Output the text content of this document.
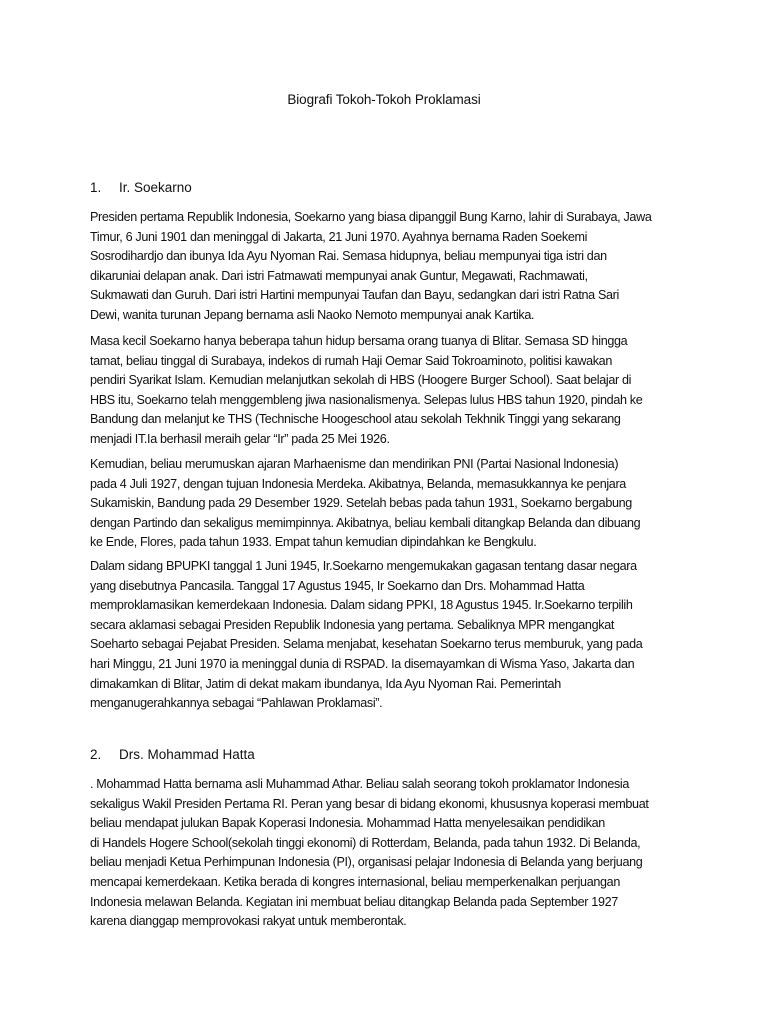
Biografi Tokoh-Tokoh Proklamasi
1. Ir. Soekarno

Presiden pertama Republik Indonesia, Soekarno yang biasa dipanggil Bung Karno, lahir di Surabaya, Jawa
Timur, 6 Juni 1901 dan meninggal di Jakarta, 21 Juni 1970. Ayahnya bernama Raden Soekemi
Sosrodihardjo dan ibunya Ida Ayu Nyoman Rai. Semasa hidupnya, beliau mempunyai tiga istri dan
dikaruniai delapan anak. Dari istri Fatmawati mempunyai anak Guntur, Megawati, Rachmawati,
Sukmawati dan Guruh. Dari istri Hartini mempunyai Taufan dan Bayu, sedangkan dari istri Ratna Sari
Dewi, wanita turunan Jepang bernama asli Naoko Nemoto mempunyai anak Kartika.

Masa kecil Soekarno hanya beberapa tahun hidup bersama orang tuanya di Blitar. Semasa SD hingga
tamat, beliau tinggal di Surabaya, indekos di rumah Haji Oemar Said Tokroaminoto, politisi kawakan
pendiri Syarikat Islam. Kemudian melanjutkan sekolah di HBS (Hoogere Burger School). Saat belajar di
HBS itu, Soekarno telah menggembleng jiwa nasionalismenya. Selepas lulus HBS tahun 1920, pindah ke
Bandung dan melanjut ke THS (Technische Hoogeschool atau sekolah Tekhnik Tinggi yang sekarang
menjadi IT.Ia berhasil meraih gelar “Ir” pada 25 Mei 1926.

Kemudian, beliau merumuskan ajaran Marhaenisme dan mendirikan PNI (Partai Nasional lndonesia)
pada 4 Juli 1927, dengan tujuan Indonesia Merdeka. Akibatnya, Belanda, memasukkannya ke penjara
Sukamiskin, Bandung pada 29 Desember 1929. Setelah bebas pada tahun 1931, Soekarno bergabung
dengan Partindo dan sekaligus memimpinnya. Akibatnya, beliau kembali ditangkap Belanda dan dibuang
ke Ende, Flores, pada tahun 1933. Empat tahun kemudian dipindahkan ke Bengkulu.

Dalam sidang BPUPKI tanggal 1 Juni 1945, Ir.Soekarno mengemukakan gagasan tentang dasar negara
yang disebutnya Pancasila. Tanggal 17 Agustus 1945, Ir Soekarno dan Drs. Mohammad Hatta
memproklamasikan kemerdekaan Indonesia. Dalam sidang PPKI, 18 Agustus 1945. Ir.Soekarno terpilih
secara aklamasi sebagai Presiden Republik Indonesia yang pertama. Sebaliknya MPR mengangkat
Soeharto sebagai Pejabat Presiden. Selama menjabat, kesehatan Soekarno terus memburuk, yang pada
hari Minggu, 21 Juni 1970 ia meninggal dunia di RSPAD. Ia disemayamkan di Wisma Yaso, Jakarta dan
dimakamkan di Blitar, Jatim di dekat makam ibundanya, Ida Ayu Nyoman Rai. Pemerintah
menganugerahkannya sebagai “Pahlawan Proklamasi”.

2. Drs. Mohammad Hatta

. Mohammad Hatta bernama asli Muhammad Athar. Beliau salah seorang tokoh proklamator Indonesia
sekaligus Wakil Presiden Pertama RI. Peran yang besar di bidang ekonomi, khususnya koperasi membuat
beliau mendapat julukan Bapak Koperasi Indonesia. Mohammad Hatta menyelesaikan pendidikan
di Handels Hogere School(sekolah tinggi ekonomi) di Rotterdam, Belanda, pada tahun 1932. Di Belanda,
beliau menjadi Ketua Perhimpunan Indonesia (PI), organisasi pelajar Indonesia di Belanda yang berjuang
mencapai kemerdekaan. Ketika berada di kongres internasional, beliau memperkenalkan perjuangan
Indonesia melawan Belanda. Kegiatan ini membuat beliau ditangkap Belanda pada September 1927
karena dianggap memprovokasi rakyat untuk memberontak.
